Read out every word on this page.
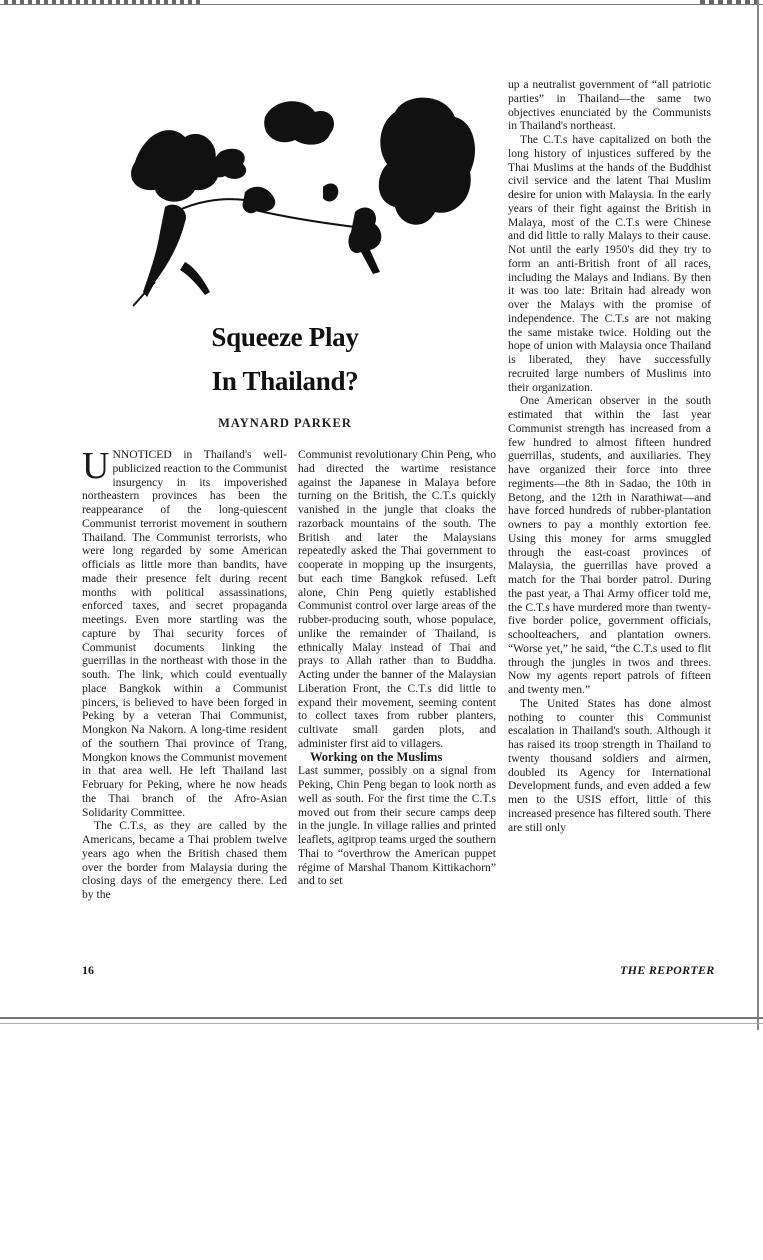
Squeeze Play
In Thailand?
MAYNARD PARKER

UNNOTICED in Thailand's well-publicized reaction to the Communist insurgency in its impoverished northeastern provinces has been the reappearance of the long-quiescent Communist terrorist movement in southern Thailand. The Communist terrorists, who were long regarded by some American officials as little more than bandits, have made their presence felt during recent months with political assassinations, enforced taxes, and secret propaganda meetings. Even more startling was the capture by Thai security forces of Communist documents linking the guerrillas in the northeast with those in the south. The link, which could eventually place Bangkok within a Communist pincers, is believed to have been forged in Peking by a veteran Thai Communist, Mongkon Na Nakorn. A long-time resident of the southern Thai province of Trang, Mongkon knows the Communist movement in that area well. He left Thailand last February for Peking, where he now heads the Thai branch of the Afro-Asian Solidarity Committee.

The C.T.s, as they are called by the Americans, became a Thai problem twelve years ago when the British chased them over the border from Malaysia during the closing days of the emergency there. Led by the

Communist revolutionary Chin Peng, who had directed the wartime resistance against the Japanese in Malaya before turning on the British, the C.T.s quickly vanished in the jungle that cloaks the razorback mountains of the south. The British and later the Malaysians repeatedly asked the Thai government to cooperate in mopping up the insurgents, but each time Bangkok refused. Left alone, Chin Peng quietly established Communist control over large areas of the rubber-producing south, whose populace, unlike the remainder of Thailand, is ethnically Malay instead of Thai and prays to Allah rather than to Buddha. Acting under the banner of the Malaysian Liberation Front, the C.T.s did little to expand their movement, seeming content to collect taxes from rubber planters, cultivate small garden plots, and administer first aid to villagers.

Working on the Muslims

Last summer, possibly on a signal from Peking, Chin Peng began to look north as well as south. For the first time the C.T.s moved out from their secure camps deep in the jungle. In village rallies and printed leaflets, agitprop teams urged the southern Thai to “overthrow the American puppet régime of Marshal Thanom Kittikachorn” and to set

up a neutralist government of “all patriotic parties” in Thailand—the same two objectives enunciated by the Communists in Thailand's northeast.

The C.T.s have capitalized on both the long history of injustices suffered by the Thai Muslims at the hands of the Buddhist civil service and the latent Thai Muslim desire for union with Malaysia. In the early years of their fight against the British in Malaya, most of the C.T.s were Chinese and did little to rally Malays to their cause. Not until the early 1950's did they try to form an anti-British front of all races, including the Malays and Indians. By then it was too late: Britain had already won over the Malays with the promise of independence. The C.T.s are not making the same mistake twice. Holding out the hope of union with Malaysia once Thailand is liberated, they have successfully recruited large numbers of Muslims into their organization.

One American observer in the south estimated that within the last year Communist strength has increased from a few hundred to almost fifteen hundred guerrillas, students, and auxiliaries. They have organized their force into three regiments—the 8th in Sadao, the 10th in Betong, and the 12th in Narathiwat—and have forced hundreds of rubber-plantation owners to pay a monthly extortion fee. Using this money for arms smuggled through the east-coast provinces of Malaysia, the guerrillas have proved a match for the Thai border patrol. During the past year, a Thai Army officer told me, the C.T.s have murdered more than twenty-five border police, government officials, schoolteachers, and plantation owners. “Worse yet,” he said, “the C.T.s used to flit through the jungles in twos and threes. Now my agents report patrols of fifteen and twenty men.”

The United States has done almost nothing to counter this Communist escalation in Thailand's south. Although it has raised its troop strength in Thailand to twenty thousand soldiers and airmen, doubled its Agency for International Development funds, and even added a few men to the USIS effort, little of this increased presence has filtered south. There are still only

16	THE REPORTER
